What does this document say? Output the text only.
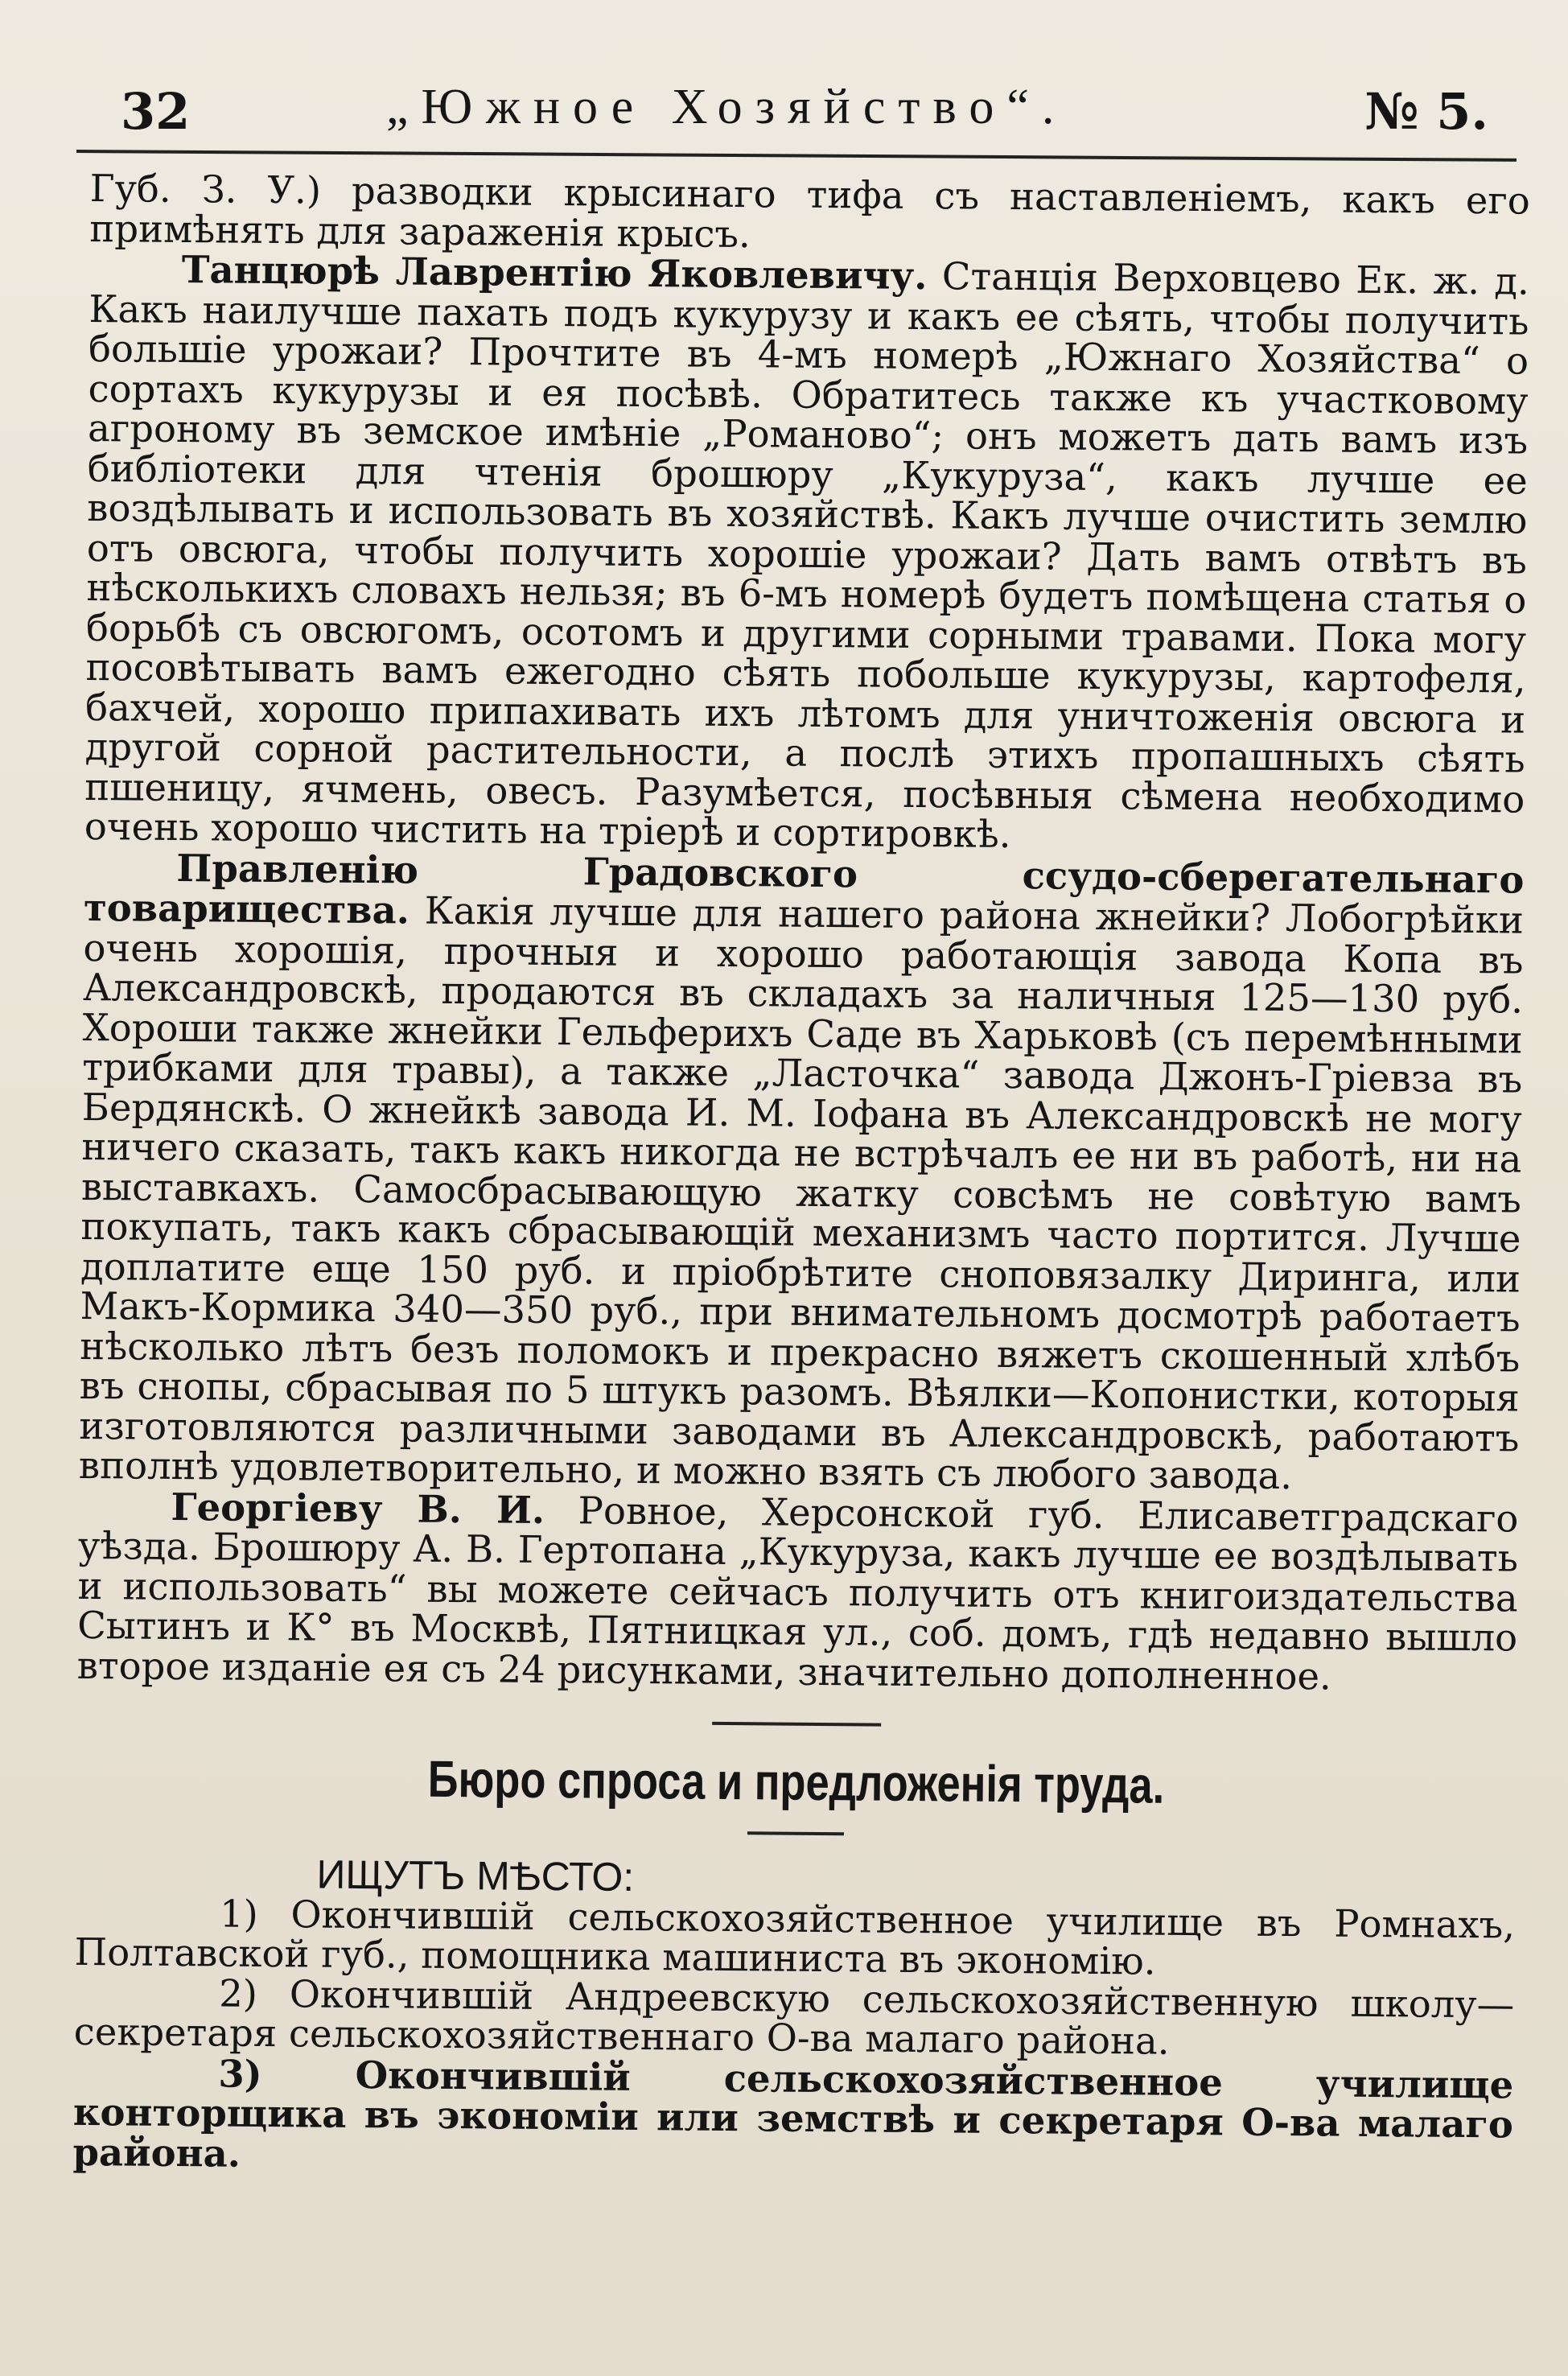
32	„Южное Хозяйство“.	№ 5.

Губ. З. У.) разводки крысинаго тифа съ наставленіемъ, какъ его примѣнять для зараженія крысъ.

Танцюрѣ Лаврентію Яковлевичу. Станція Верховцево Ек. ж. д. Какъ наилучше пахать подъ кукурузу и какъ ее сѣять, чтобы получить большіе урожаи? Прочтите въ 4-мъ номерѣ „Южнаго Хозяйства“ о сортахъ кукурузы и ея посѣвѣ. Обратитесь также къ участковому агроному въ земское имѣніе „Романово“; онъ можетъ дать вамъ изъ библіотеки для чтенія брошюру „Кукуруза“, какъ лучше ее воздѣлывать и использовать въ хозяйствѣ. Какъ лучше очистить землю отъ овсюга, чтобы получить хорошіе урожаи? Дать вамъ отвѣтъ въ нѣсколькихъ словахъ нельзя; въ 6-мъ номерѣ будетъ помѣщена статья о борьбѣ съ овсюгомъ, осотомъ и другими сорными травами. Пока могу посовѣтывать вамъ ежегодно сѣять побольше кукурузы, картофеля, бахчей, хорошо припахивать ихъ лѣтомъ для уничтоженія овсюга и другой сорной растительности, а послѣ этихъ пропашныхъ сѣять пшеницу, ячмень, овесъ. Разумѣется, посѣвныя сѣмена необходимо очень хорошо чистить на тріерѣ и сортировкѣ.

Правленію Градовского ссудо-сберегательнаго товарищества. Какія лучше для нашего района жнейки? Лобогрѣйки очень хорошія, прочныя и хорошо работающія завода Копа въ Александровскѣ, продаются въ складахъ за наличныя 125—130 руб. Хороши также жнейки Гельферихъ Саде въ Харьковѣ (съ перемѣнными трибками для травы), а также „Ласточка“ завода Джонъ-Гріевза въ Бердянскѣ. О жнейкѣ завода И. М. Іофана въ Александровскѣ не могу ничего сказать, такъ какъ никогда не встрѣчалъ ее ни въ работѣ, ни на выставкахъ. Самосбрасывающую жатку совсѣмъ не совѣтую вамъ покупать, такъ какъ сбрасывающій механизмъ часто портится. Лучше доплатите еще 150 руб. и пріобрѣтите сноповязалку Диринга, или Макъ-Кормика 340—350 руб., при внимательномъ досмотрѣ работаетъ нѣсколько лѣтъ безъ поломокъ и прекрасно вяжетъ скошенный хлѣбъ въ снопы, сбрасывая по 5 штукъ разомъ. Вѣялки—Копонистки, которыя изготовляются различными заводами въ Александровскѣ, работаютъ вполнѣ удовлетворительно, и можно взять съ любого завода.

Георгіеву В. И. Ровное, Херсонской губ. Елисаветградскаго уѣзда. Брошюру А. В. Гертопана „Кукуруза, какъ лучше ее воздѣлывать и использовать“ вы можете сейчасъ получить отъ книгоиздательства Сытинъ и К° въ Москвѣ, Пятницкая ул., соб. домъ, гдѣ недавно вышло второе изданіе ея съ 24 рисунками, значительно дополненное.

Бюро спроса и предложенія труда.
ИЩУТЪ МѢСТО:

1) Окончившій сельскохозяйственное училище въ Ромнахъ, Полтавской губ., помощника машиниста въ экономію.

2) Окончившій Андреевскую сельскохозяйственную школу—секретаря сельскохозяйственнаго О-ва малаго района.

3) Окончившій сельскохозяйственное училище конторщика въ экономіи или земствѣ и секретаря О-ва малаго района.
